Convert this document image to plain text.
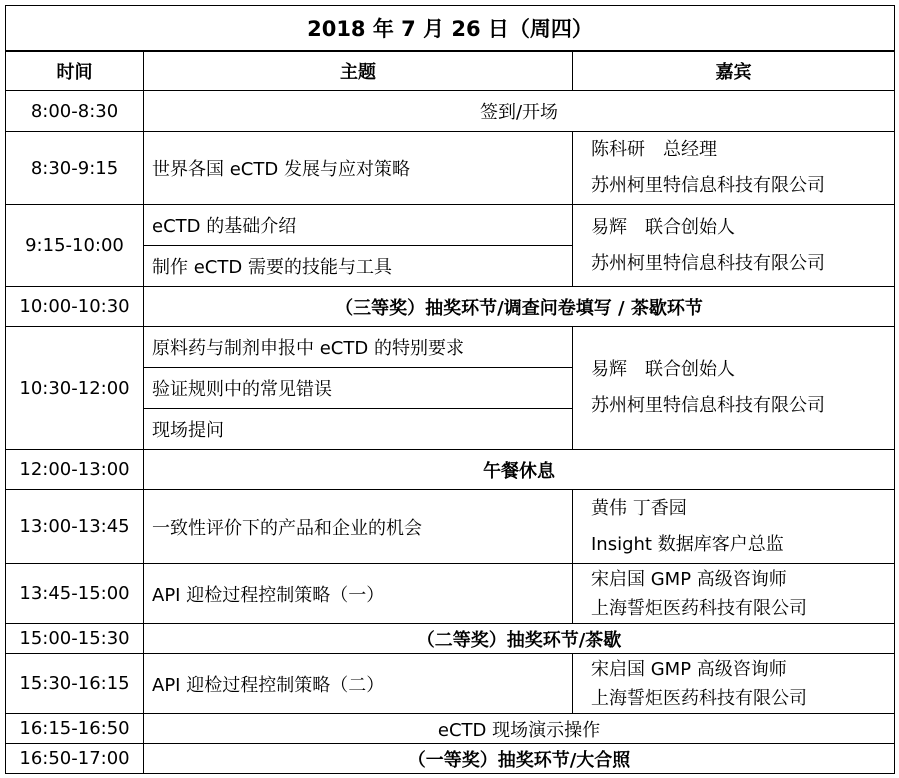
2018 年 7 月 26 日（周四）		
时间	主题	嘉宾
8:00-8:30	签到/开场	
8:30-9:15	世界各国 eCTD 发展与应对策略	陈科研　总经理
苏州柯里特信息科技有限公司

9:15-10:00	eCTD 的基础介绍	易辉　联合创始人
苏州柯里特信息科技有限公司

	制作 eCTD 需要的技能与工具	
10:00-10:30	（三等奖）抽奖环节/调查问卷填写 / 茶歇环节	
10:30-12:00	原料药与制剂申报中 eCTD 的特别要求	易辉　联合创始人
苏州柯里特信息科技有限公司

	验证规则中的常见错误	
	现场提问	
12:00-13:00	午餐休息	
13:00-13:45	一致性评价下的产品和企业的机会	黄伟 丁香园
Insight 数据库客户总监

13:45-15:00	API 迎检过程控制策略（一）	宋启国 GMP 高级咨询师
上海誓炬医药科技有限公司

15:00-15:30	（二等奖）抽奖环节/茶歇	
15:30-16:15	API 迎检过程控制策略（二）	宋启国 GMP 高级咨询师
上海誓炬医药科技有限公司

16:15-16:50	eCTD 现场演示操作	
16:50-17:00	（一等奖）抽奖环节/大合照	
